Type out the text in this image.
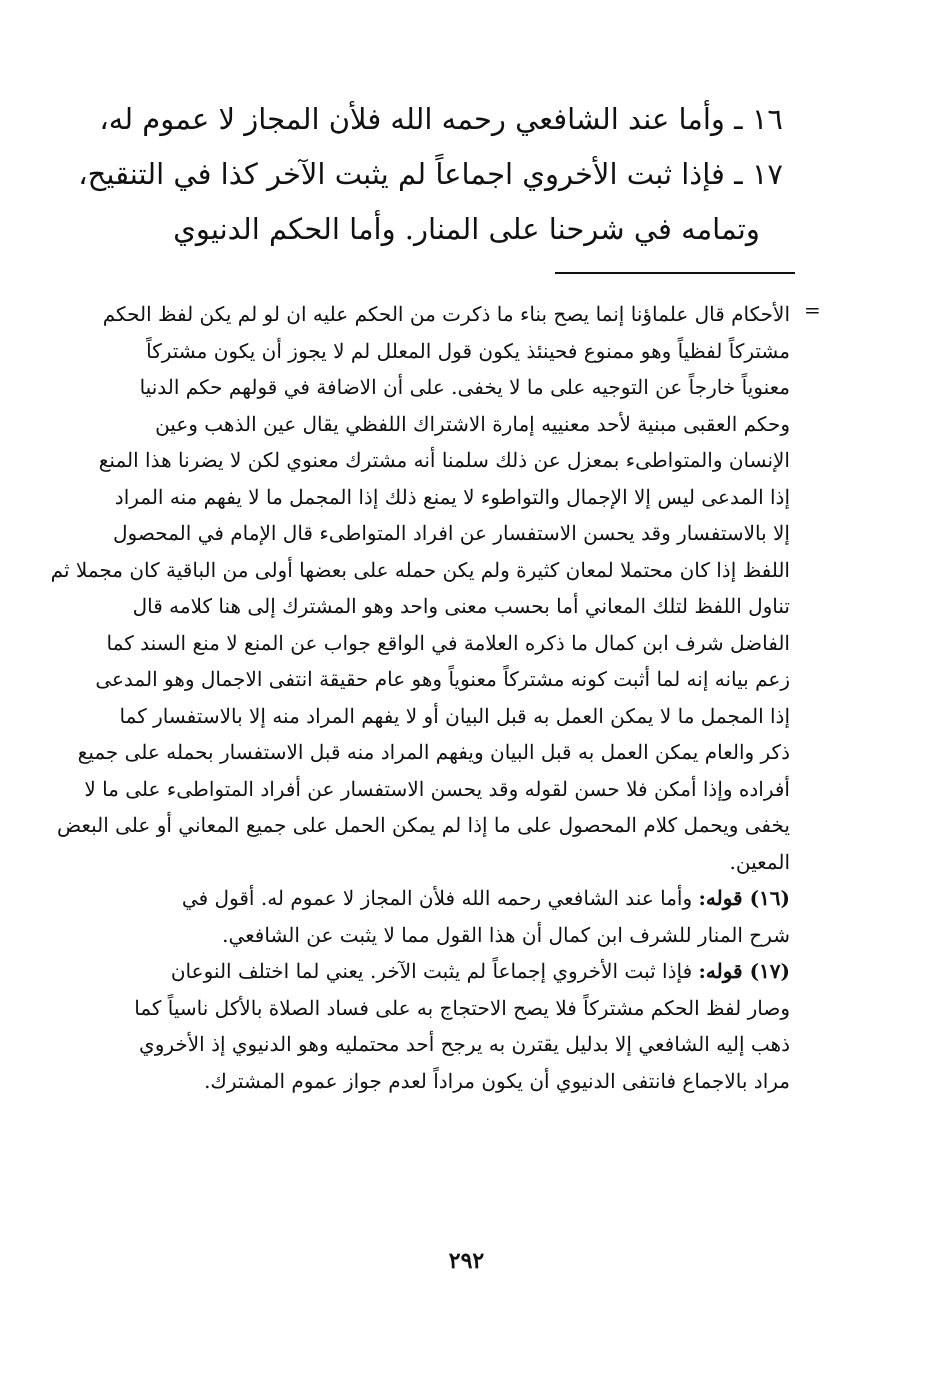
١٦ ـ وأما عند الشافعي رحمه الله فلأن المجاز لا عموم له،
١٧ ـ فإذا ثبت الأخروي اجماعاً لم يثبت الآخر كذا في التنقيح،
وتمامه في شرحنا على المنار. وأما الحكم الدنيوي
=
الأحكام قال علماؤنا إنما يصح بناء ما ذكرت من الحكم عليه ان لو لم يكن لفظ الحكم
مشتركاً لفظياً وهو ممنوع فحينئذ يكون قول المعلل لم لا يجوز أن يكون مشتركاً
معنوياً خارجاً عن التوجيه على ما لا يخفى. على أن الاضافة في قولهم حكم الدنيا
وحكم العقبى مبنية لأحد معنييه إمارة الاشتراك اللفظي يقال عين الذهب وعين
الإنسان والمتواطىء بمعزل عن ذلك سلمنا أنه مشترك معنوي لكن لا يضرنا هذا المنع
إذا المدعى ليس إلا الإجمال والتواطوء لا يمنع ذلك إذا المجمل ما لا يفهم منه المراد
إلا بالاستفسار وقد يحسن الاستفسار عن افراد المتواطىء قال الإمام في المحصول
اللفظ إذا كان محتملا لمعان كثيرة ولم يكن حمله على بعضها أولى من الباقية كان مجملا ثم
تناول اللفظ لتلك المعاني أما بحسب معنى واحد وهو المشترك إلى هنا كلامه قال
الفاضل شرف ابن كمال ما ذكره العلامة في الواقع جواب عن المنع لا منع السند كما
زعم بيانه إنه لما أثبت كونه مشتركاً معنوياً وهو عام حقيقة انتفى الاجمال وهو المدعى
إذا المجمل ما لا يمكن العمل به قبل البيان أو لا يفهم المراد منه إلا بالاستفسار كما
ذكر والعام يمكن العمل به قبل البيان ويفهم المراد منه قبل الاستفسار بحمله على جميع
أفراده وإذا أمكن فلا حسن لقوله وقد يحسن الاستفسار عن أفراد المتواطىء على ما لا
يخفى ويحمل كلام المحصول على ما إذا لم يمكن الحمل على جميع المعاني أو على البعض
المعين.
(١٦) قوله: وأما عند الشافعي رحمه الله فلأن المجاز لا عموم له. أقول في
شرح المنار للشرف ابن كمال أن هذا القول مما لا يثبت عن الشافعي.
(١٧) قوله: فإذا ثبت الأخروي إجماعاً لم يثبت الآخر. يعني لما اختلف النوعان
وصار لفظ الحكم مشتركاً فلا يصح الاحتجاج به على فساد الصلاة بالأكل ناسياً كما
ذهب إليه الشافعي إلا بدليل يقترن به يرجح أحد محتمليه وهو الدنيوي إذ الأخروي
مراد بالاجماع فانتفى الدنيوي أن يكون مراداً لعدم جواز عموم المشترك.
٢٩٢
